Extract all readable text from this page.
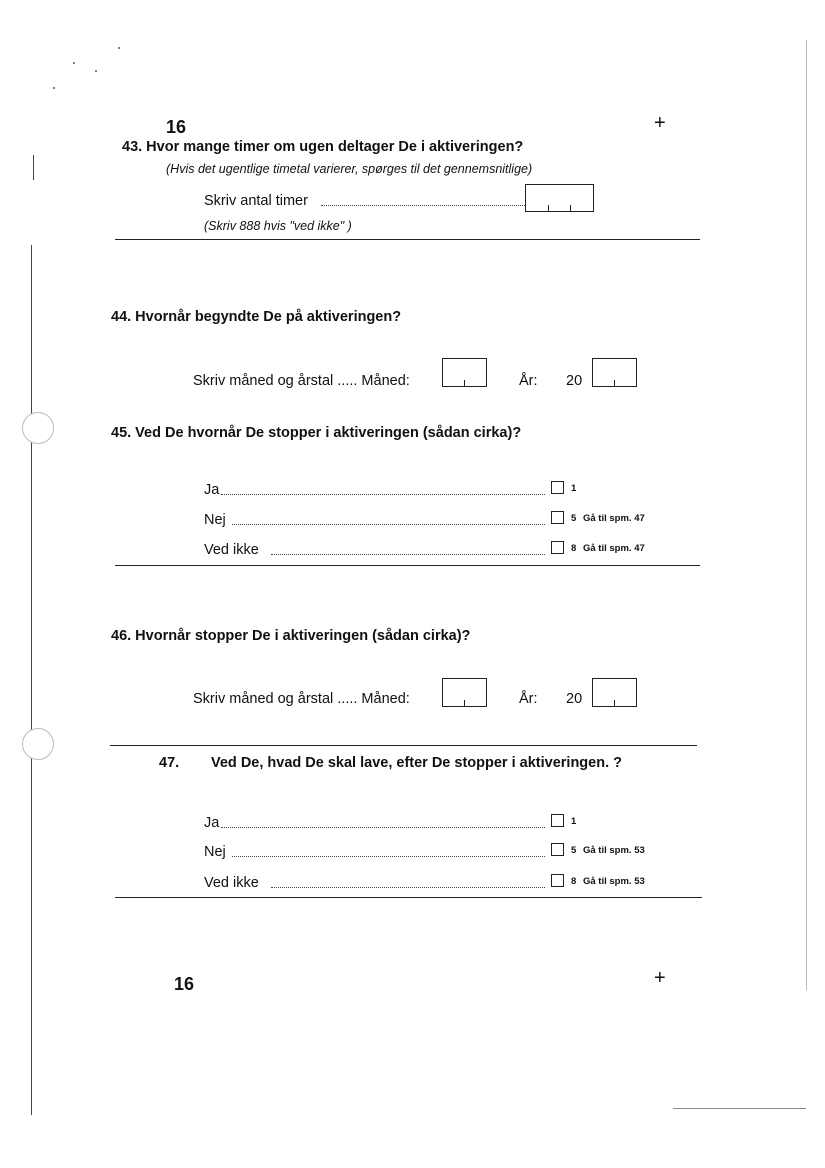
16	+
43. Hvor mange timer om ugen deltager De i aktiveringen?
(Hvis det ugentlige timetal varierer, spørges til det gennemsnitlige)
Skriv antal timer
(Skriv 888 hvis "ved ikke" )
44. Hvornår begyndte De på aktiveringen?
Skriv måned og årstal ..... Måned:	År: 20
45. Ved De hvornår De stopper i aktiveringen (sådan cirka)?
Ja	1
Nej	5 Gå til spm. 47
Ved ikke	8 Gå til spm. 47
46. Hvornår stopper De i aktiveringen (sådan cirka)?
Skriv måned og årstal ..... Måned:	År: 20
47. Ved De, hvad De skal lave, efter De stopper i aktiveringen. ?
Ja	1
Nej	5 Gå til spm. 53
Ved ikke	8 Gå til spm. 53
16	+
